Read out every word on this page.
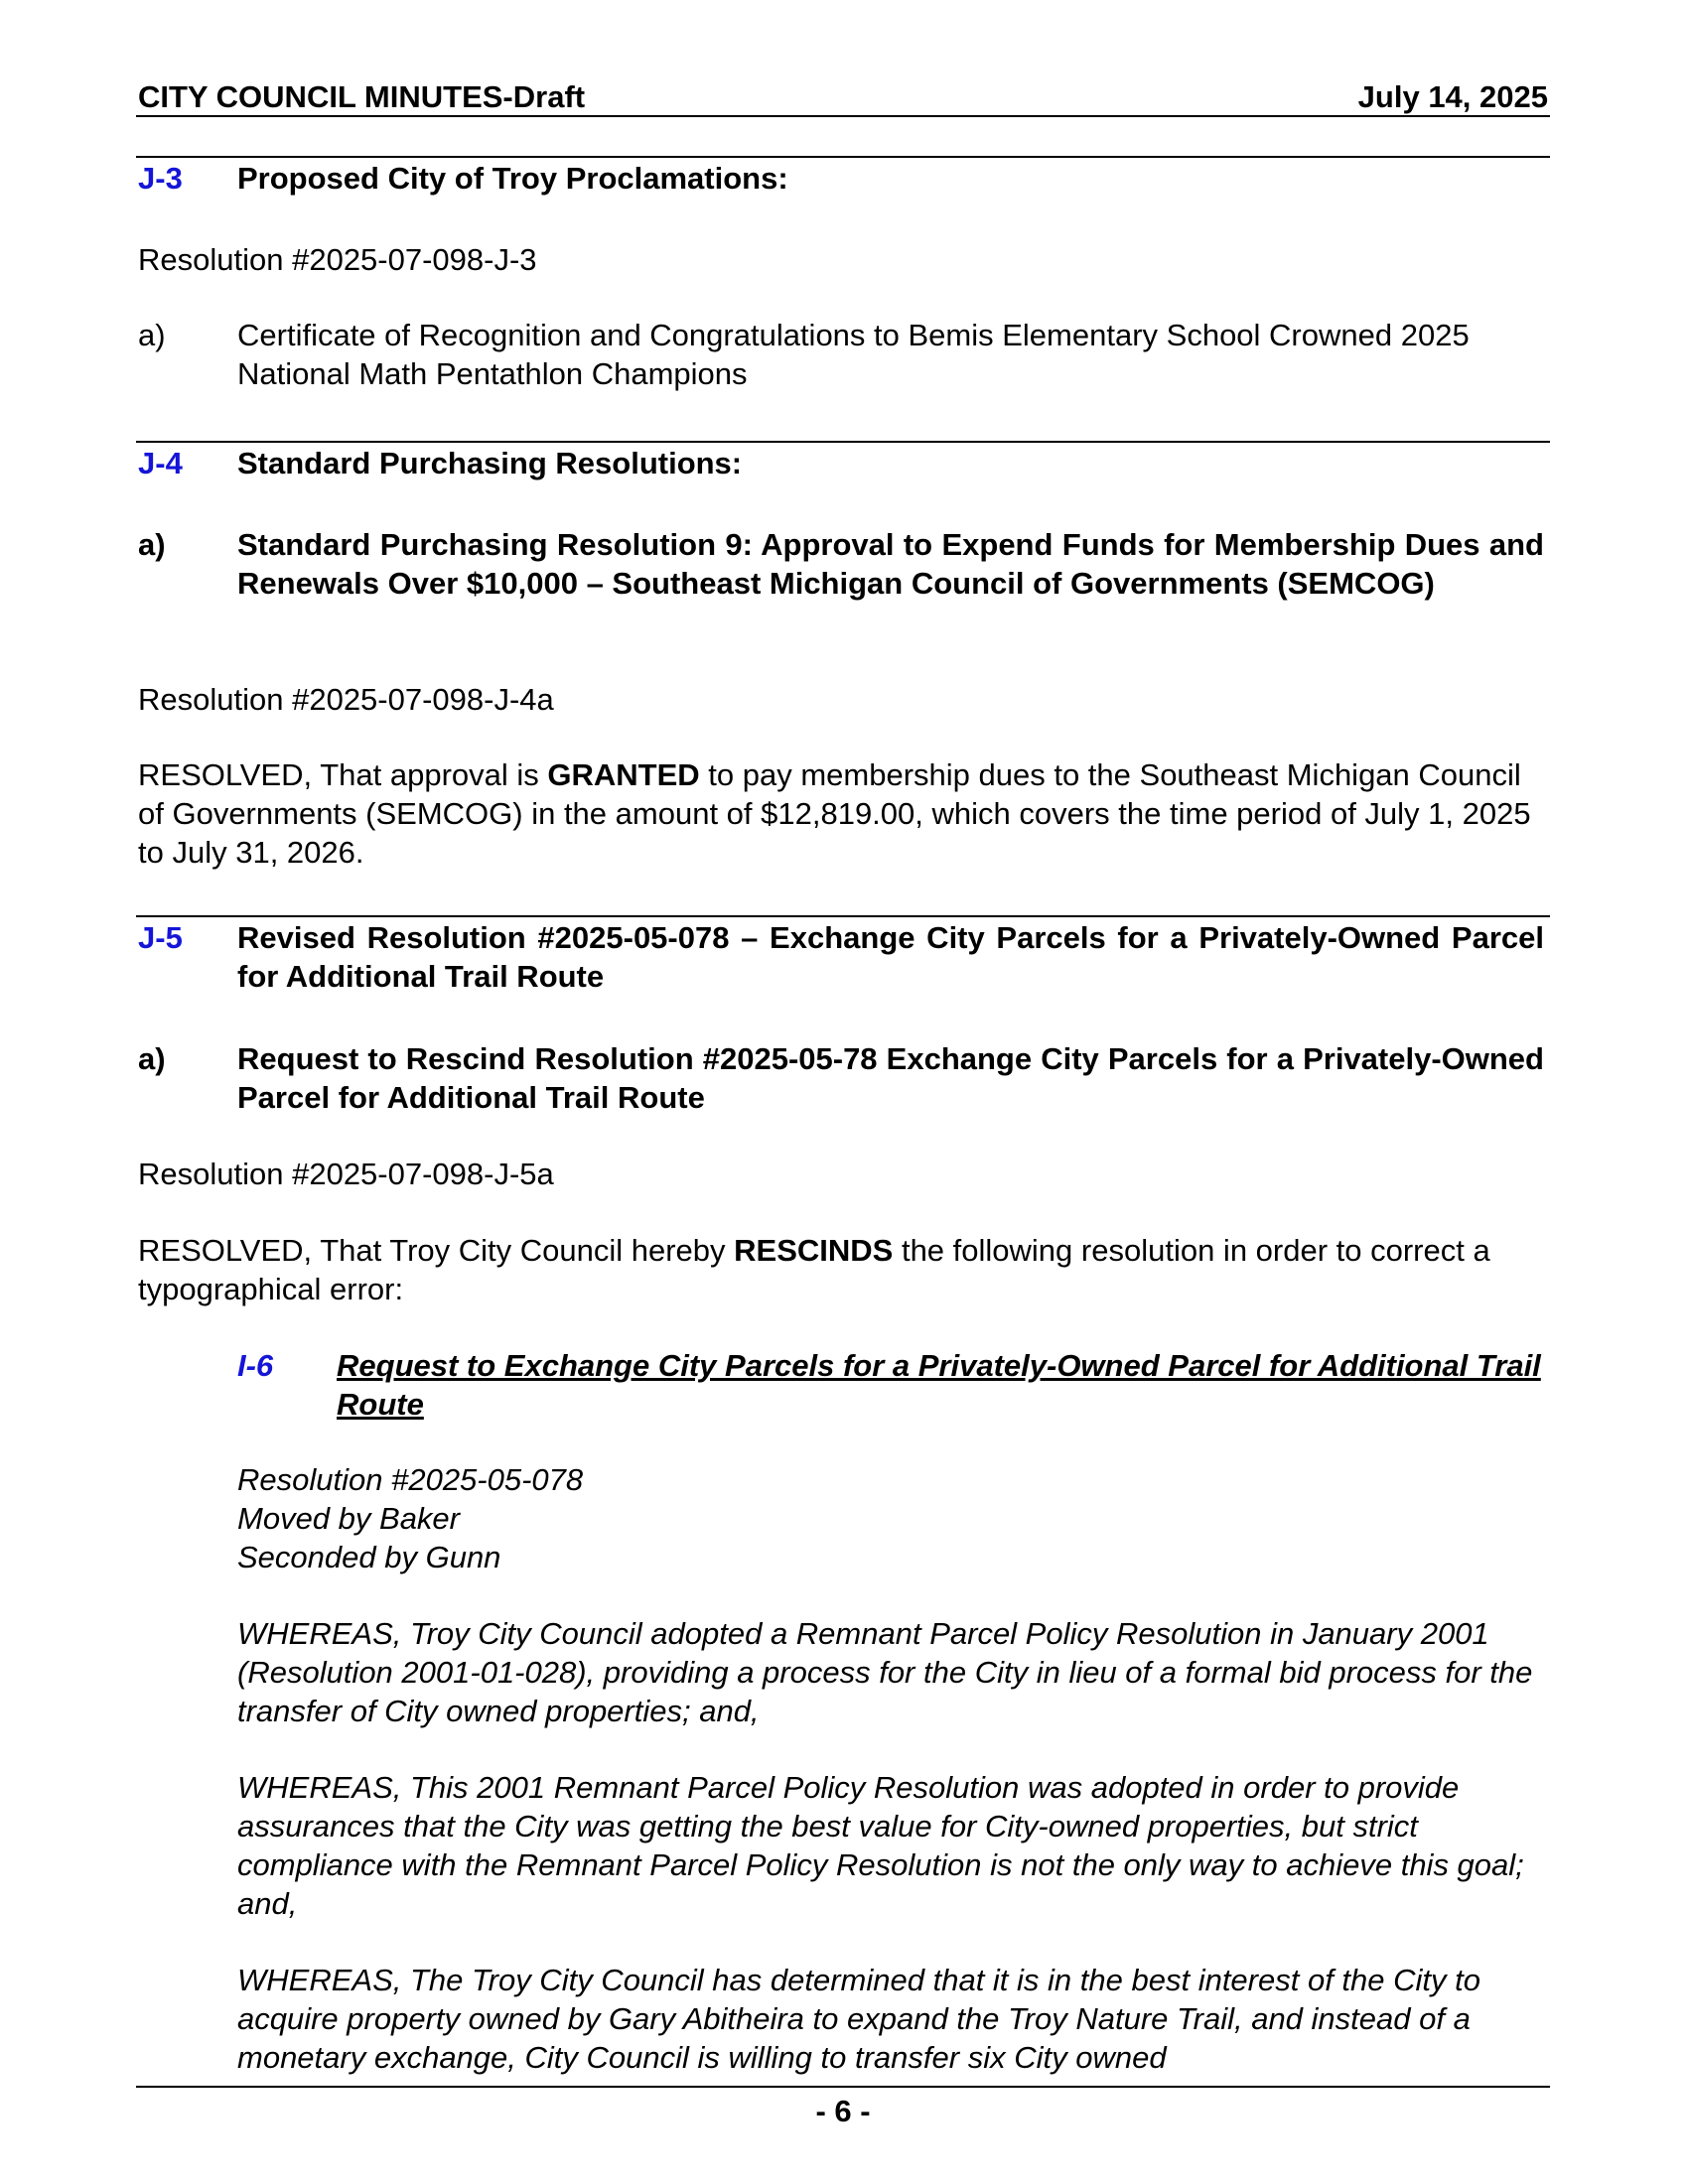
CITY COUNCIL MINUTES-Draft	July 14, 2025
J-3 Proposed City of Troy Proclamations:
Resolution #2025-07-098-J-3
a) Certificate of Recognition and Congratulations to Bemis Elementary School Crowned 2025 National Math Pentathlon Champions
J-4 Standard Purchasing Resolutions:
a) Standard Purchasing Resolution 9: Approval to Expend Funds for Membership Dues and Renewals Over $10,000 – Southeast Michigan Council of Governments (SEMCOG)
Resolution #2025-07-098-J-4a
RESOLVED, That approval is GRANTED to pay membership dues to the Southeast Michigan Council of Governments (SEMCOG) in the amount of $12,819.00, which covers the time period of July 1, 2025 to July 31, 2026.
J-5 Revised Resolution #2025-05-078 – Exchange City Parcels for a Privately-Owned Parcel for Additional Trail Route
a) Request to Rescind Resolution #2025-05-78 Exchange City Parcels for a Privately-Owned Parcel for Additional Trail Route
Resolution #2025-07-098-J-5a
RESOLVED, That Troy City Council hereby RESCINDS the following resolution in order to correct a typographical error:
I-6 Request to Exchange City Parcels for a Privately-Owned Parcel for Additional Trail Route
Resolution #2025-05-078
Moved by Baker
Seconded by Gunn
WHEREAS, Troy City Council adopted a Remnant Parcel Policy Resolution in January 2001 (Resolution 2001-01-028), providing a process for the City in lieu of a formal bid process for the transfer of City owned properties; and,
WHEREAS, This 2001 Remnant Parcel Policy Resolution was adopted in order to provide assurances that the City was getting the best value for City-owned properties, but strict compliance with the Remnant Parcel Policy Resolution is not the only way to achieve this goal; and,
WHEREAS, The Troy City Council has determined that it is in the best interest of the City to acquire property owned by Gary Abitheira to expand the Troy Nature Trail, and instead of a monetary exchange, City Council is willing to transfer six City owned
- 6 -
